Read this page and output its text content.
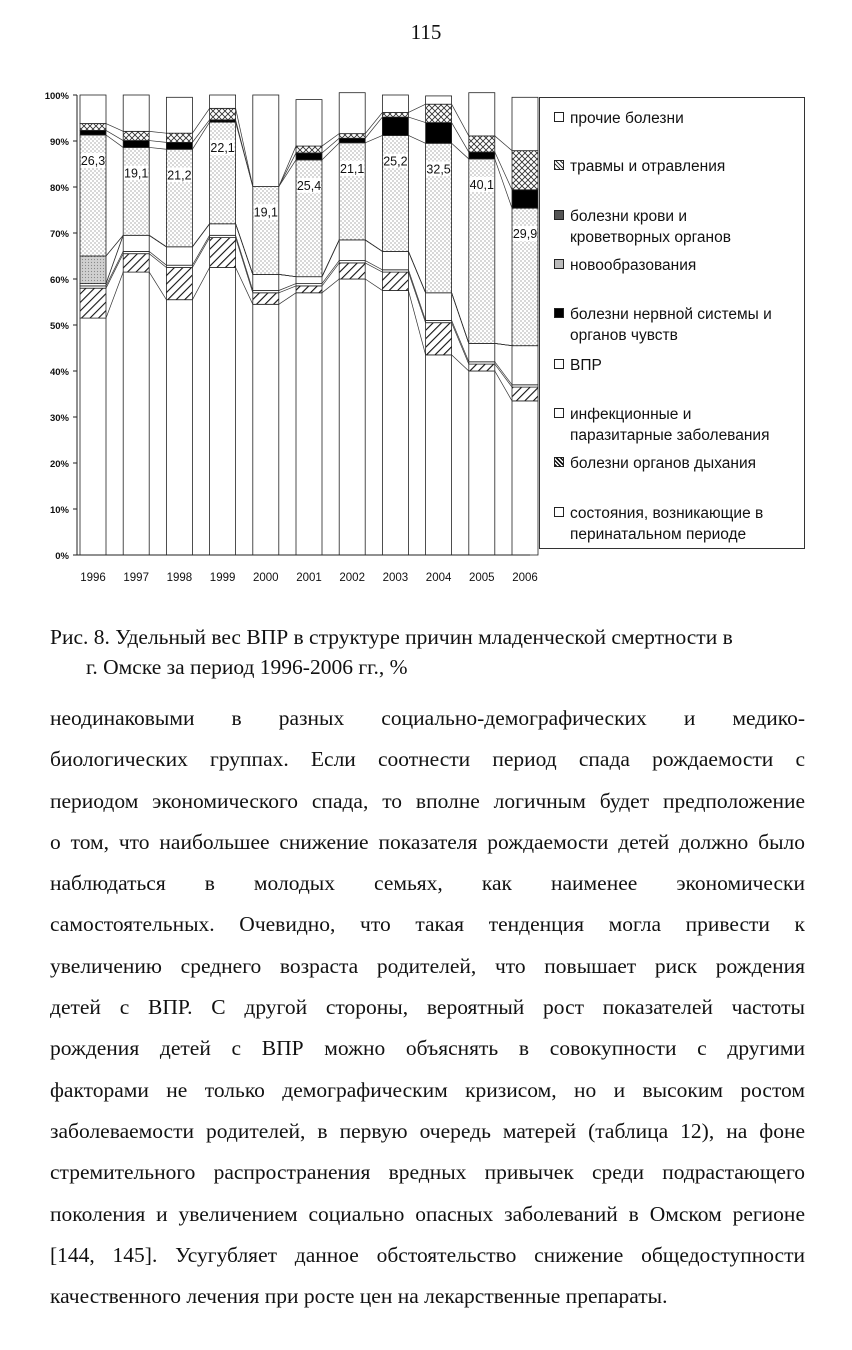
115
26,3
19,1 21,2
22,1
19,1
25,4
21,1
25,2
32,5
40,1
29,9
0%
10%
20%
30%
40%
50%
60%
70%
80%
90%
100%
1996 1997 1998 1999 2000 2001 2002 2003 2004 2005 2006
прочие болезни
травмы и отравления
болезни крови и
кроветворных органов
новообразования
болезни нервной системы и
органов чувств
ВПР
инфекционные и
паразитарные заболевания
болезни органов дыхания
состояния, возникающие в
перинатальном периоде
Рис. 8. Удельный вес ВПР в структуре причин младенческой смертности в
г. Омске за период 1996-2006 гг., %
неодинаковыми в разных социально-демографических и медико-
биологических группах. Если соотнести период спада рождаемости с
периодом экономического спада, то вполне логичным будет предположение
о том, что наибольшее снижение показателя рождаемости детей должно было
наблюдаться в молодых семьях, как наименее экономически
самостоятельных. Очевидно, что такая тенденция могла привести к
увеличению среднего возраста родителей, что повышает риск рождения
детей с ВПР. С другой стороны, вероятный рост показателей частоты
рождения детей с ВПР можно объяснять в совокупности с другими
факторами не только демографическим кризисом, но и высоким ростом
заболеваемости родителей, в первую очередь матерей (таблица 12), на фоне
стремительного распространения вредных привычек среди подрастающего
поколения и увеличением социально опасных заболеваний в Омском регионе
[144, 145]. Усугубляет данное обстоятельство снижение общедоступности
качественного лечения при росте цен на лекарственные препараты.
